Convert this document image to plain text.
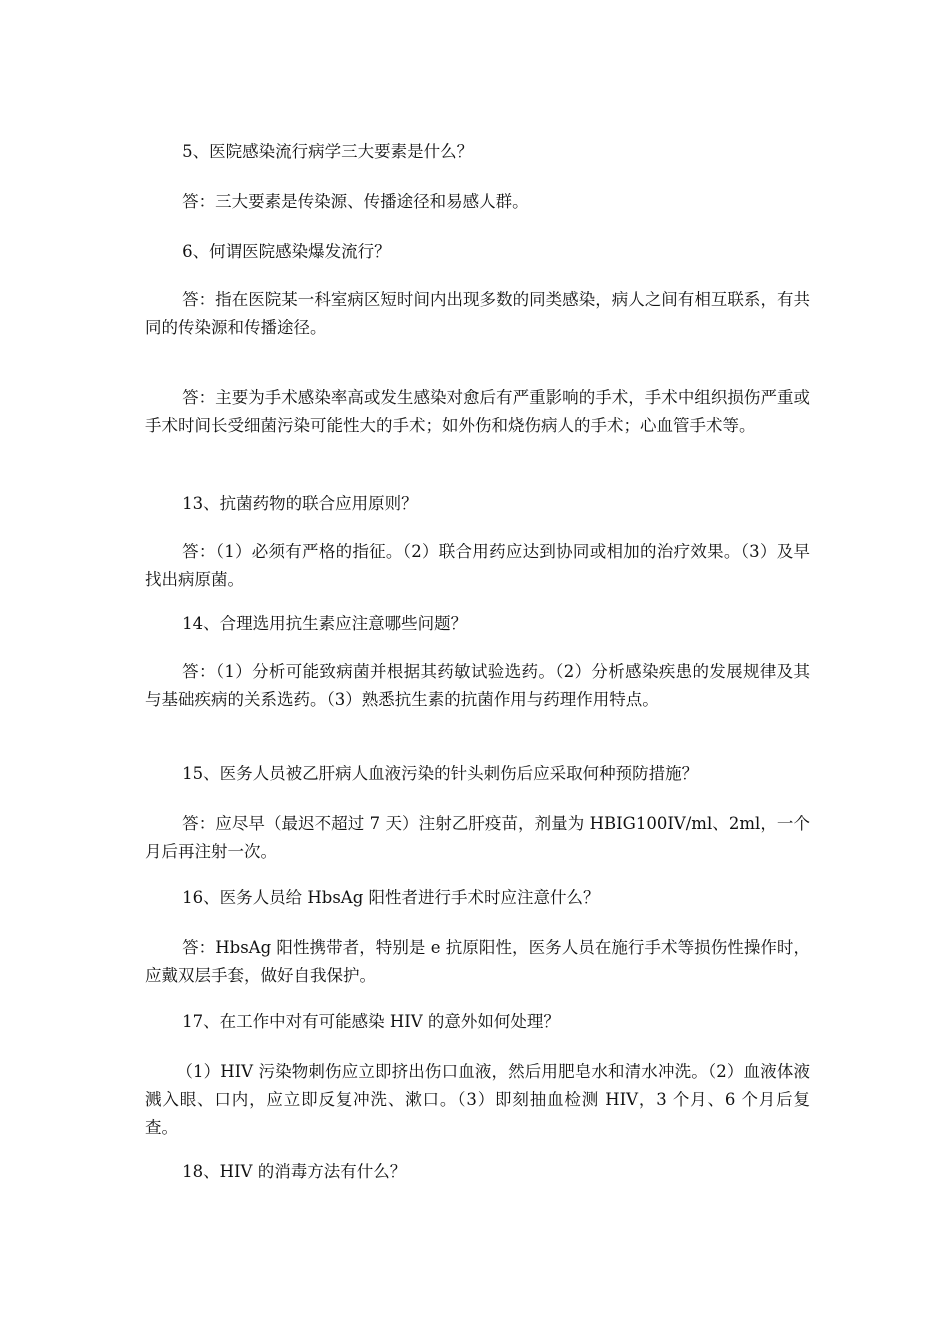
5、医院感染流行病学三大要素是什么？

答：三大要素是传染源、传播途径和易感人群。

6、何谓医院感染爆发流行？

答：指在医院某一科室病区短时间内出现多数的同类感染，病人之间有相互联系，有共同的传染源和传播途径。

答：主要为手术感染率高或发生感染对愈后有严重影响的手术，手术中组织损伤严重或手术时间长受细菌污染可能性大的手术；如外伤和烧伤病人的手术；心血管手术等。

13、抗菌药物的联合应用原则？

答：（1）必须有严格的指征。（2）联合用药应达到协同或相加的治疗效果。（3）及早找出病原菌。

14、合理选用抗生素应注意哪些问题？

答：（1）分析可能致病菌并根据其药敏试验选药。（2）分析感染疾患的发展规律及其与基础疾病的关系选药。（3）熟悉抗生素的抗菌作用与药理作用特点。

15、医务人员被乙肝病人血液污染的针头刺伤后应采取何种预防措施？

答：应尽早（最迟不超过 7 天）注射乙肝疫苗，剂量为 HBIG100IV/ml、2ml，一个月后再注射一次。

16、医务人员给 HbsAg 阳性者进行手术时应注意什么？

答：HbsAg 阳性携带者，特别是 e 抗原阳性，医务人员在施行手术等损伤性操作时，应戴双层手套，做好自我保护。

17、在工作中对有可能感染 HIV 的意外如何处理？

（1）HIV 污染物刺伤应立即挤出伤口血液，然后用肥皂水和清水冲洗。（2）血液体液溅入眼、口内，应立即反复冲洗、漱口。（3）即刻抽血检测 HIV，3 个月、6 个月后复查。

18、HIV 的消毒方法有什么？
